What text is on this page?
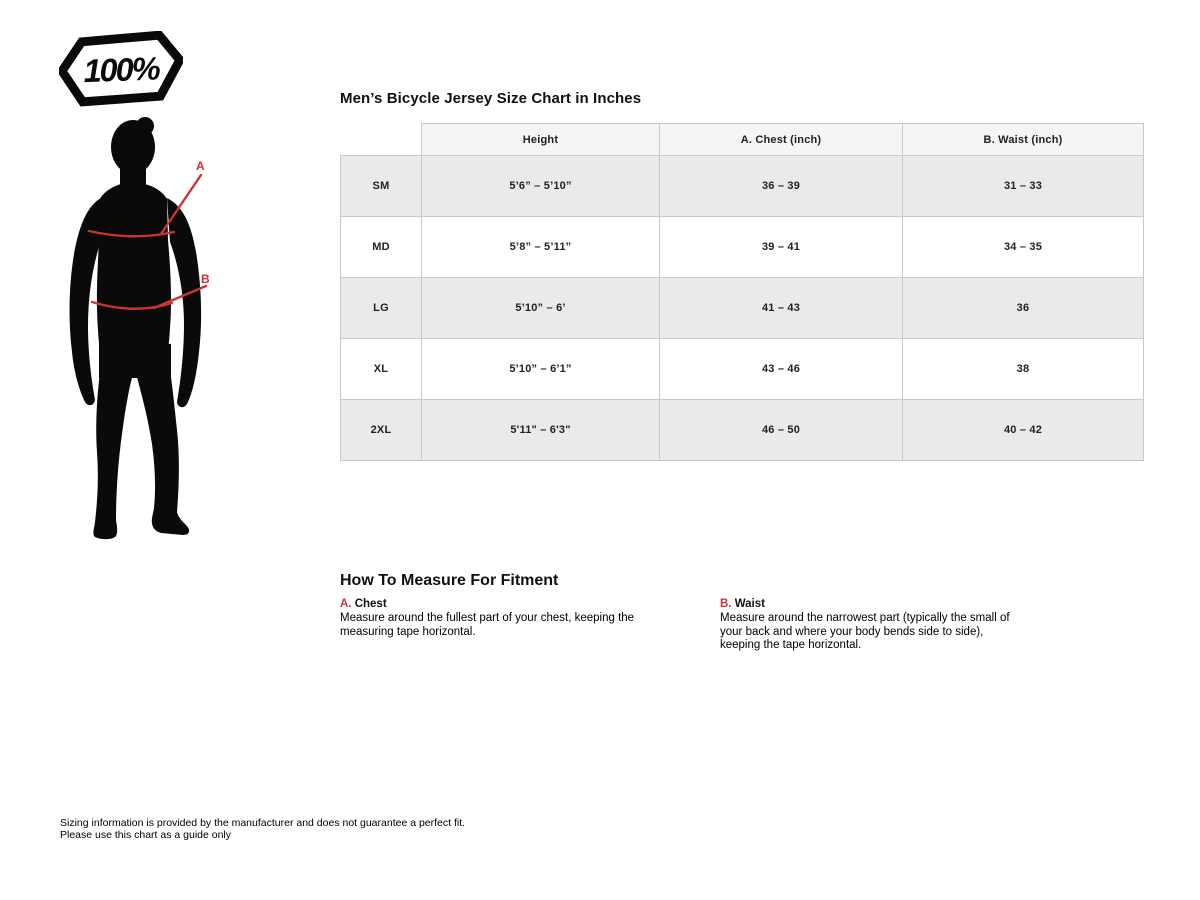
100%
A
B
Men’s Bicycle Jersey Size Chart in Inches
	Height	A. Chest (inch)	B. Waist (inch)
SM	5’6” – 5’10”	36 – 39	31 – 33
MD	5’8” – 5’11”	39 – 41	34 – 35
LG	5’10” – 6’	41 – 43	36
XL	5’10” – 6’1”	43 – 46	38
2XL	5'11" – 6'3"	46 – 50	40 – 42
How To Measure For Fitment
A. Chest
Measure around the fullest part of your chest, keeping the measuring tape horizontal.
B. Waist
Measure around the narrowest part (typically the small of your back and where your body bends side to side), keeping the tape horizontal.
Sizing information is provided by the manufacturer and does not guarantee a perfect fit.
Please use this chart as a guide only
